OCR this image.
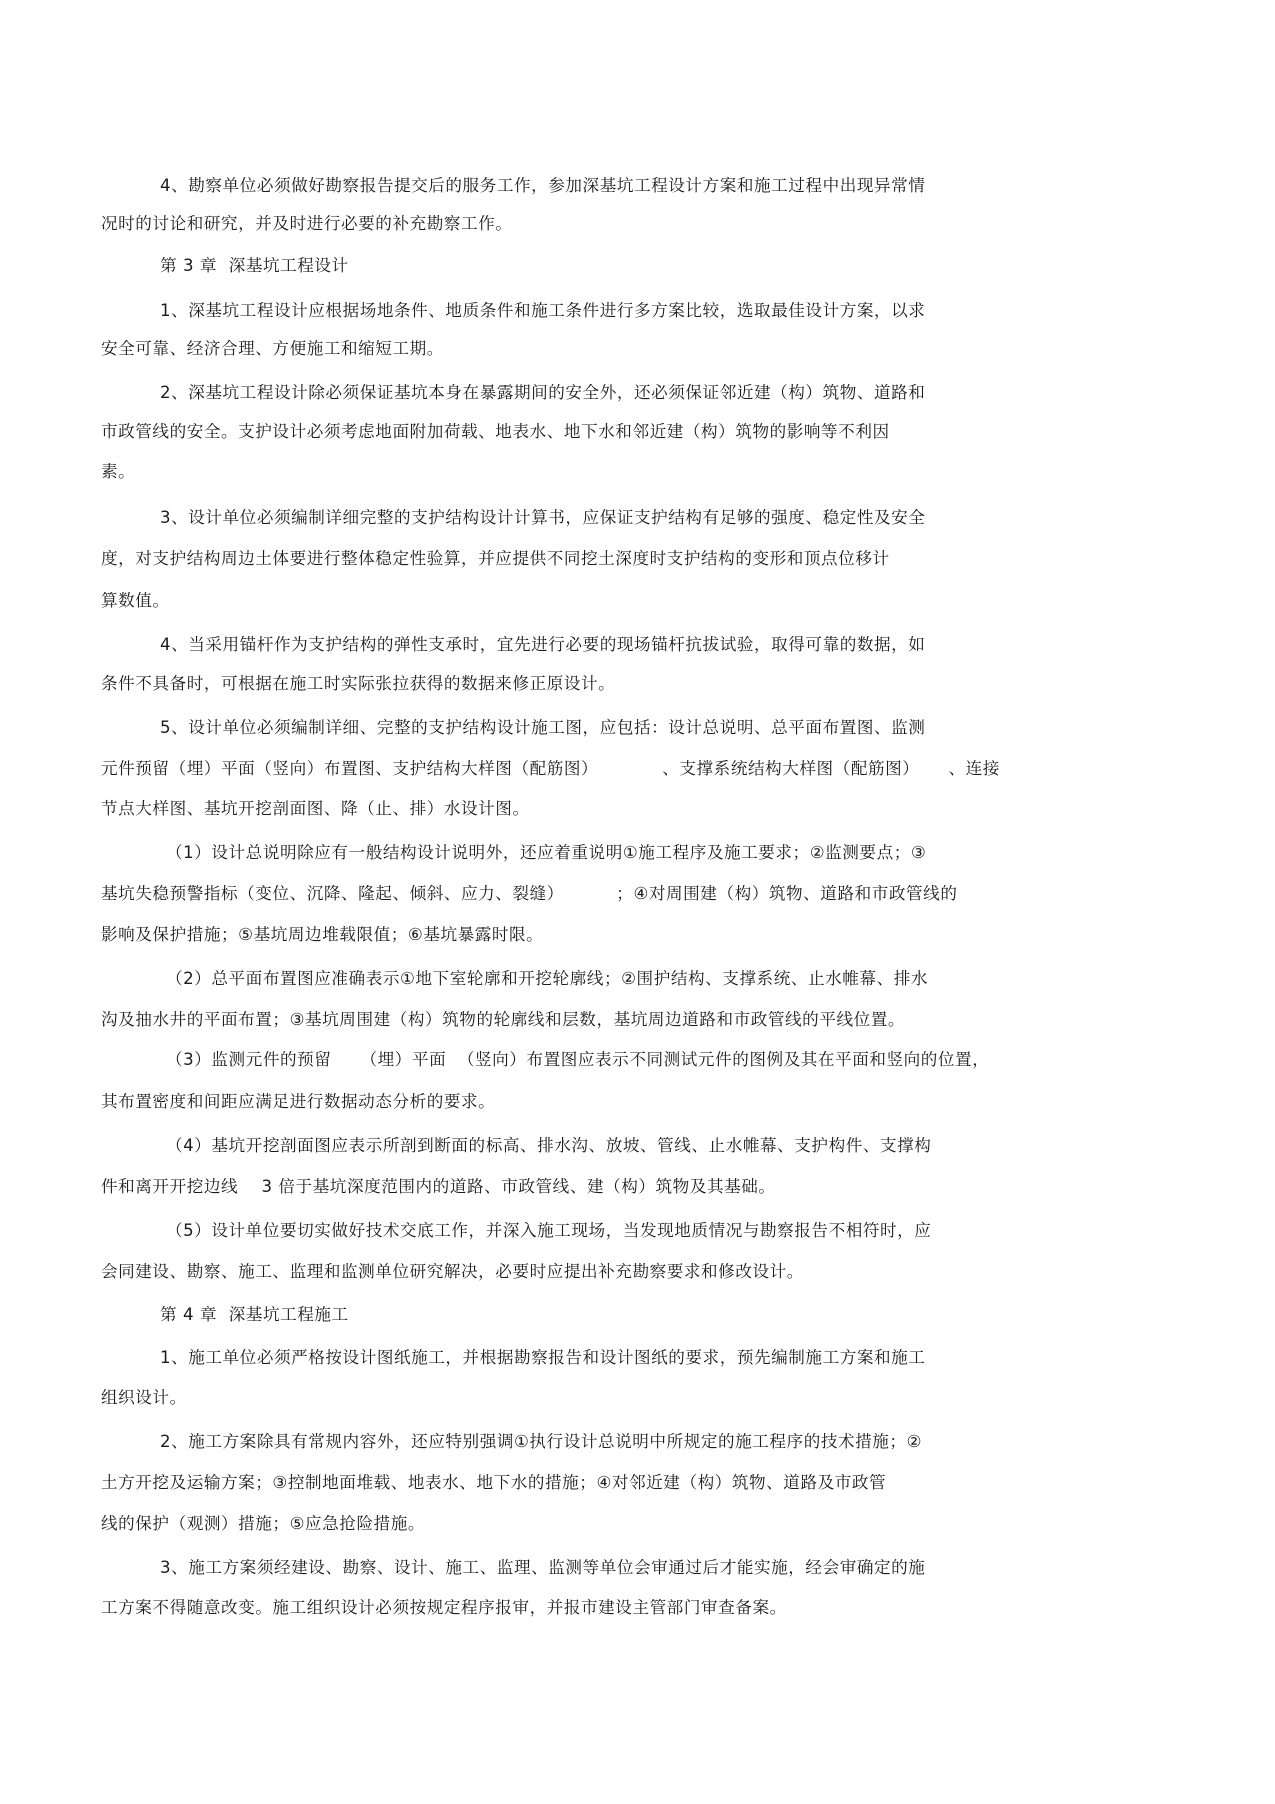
4、勘察单位必须做好勘察报告提交后的服务工作，参加深基坑工程设计方案和施工过程中出现异常情
况时的讨论和研究，并及时进行必要的补充勘察工作。
第 3 章  深基坑工程设计
1、深基坑工程设计应根据场地条件、地质条件和施工条件进行多方案比较，选取最佳设计方案，以求
安全可靠、经济合理、方便施工和缩短工期。
2、深基坑工程设计除必须保证基坑本身在暴露期间的安全外，还必须保证邻近建（构）筑物、道路和
市政管线的安全。支护设计必须考虑地面附加荷载、地表水、地下水和邻近建（构）筑物的影响等不利因
素。
3、设计单位必须编制详细完整的支护结构设计计算书，应保证支护结构有足够的强度、稳定性及安全
度，对支护结构周边土体要进行整体稳定性验算，并应提供不同挖土深度时支护结构的变形和顶点位移计
算数值。
4、当采用锚杆作为支护结构的弹性支承时，宜先进行必要的现场锚杆抗拔试验，取得可靠的数据，如
条件不具备时，可根据在施工时实际张拉获得的数据来修正原设计。
5、设计单位必须编制详细、完整的支护结构设计施工图，应包括：设计总说明、总平面布置图、监测
元件预留（埋）平面（竖向）布置图、支护结构大样图（配筋图）           、支撑系统结构大样图（配筋图）     、连接
节点大样图、基坑开挖剖面图、降（止、排）水设计图。
（1）设计总说明除应有一般结构设计说明外，还应着重说明①施工程序及施工要求；②监测要点；③
基坑失稳预警指标（变位、沉降、隆起、倾斜、应力、裂缝）         ；④对周围建（构）筑物、道路和市政管线的
影响及保护措施；⑤基坑周边堆载限值；⑥基坑暴露时限。
（2）总平面布置图应准确表示①地下室轮廓和开挖轮廓线；②围护结构、支撑系统、止水帷幕、排水
沟及抽水井的平面布置；③基坑周围建（构）筑物的轮廓线和层数，基坑周边道路和市政管线的平线位置。
（3）监测元件的预留     （埋）平面  （竖向）布置图应表示不同测试元件的图例及其在平面和竖向的位置，
其布置密度和间距应满足进行数据动态分析的要求。
（4）基坑开挖剖面图应表示所剖到断面的标高、排水沟、放坡、管线、止水帷幕、支护构件、支撑构
件和离开开挖边线    3 倍于基坑深度范围内的道路、市政管线、建（构）筑物及其基础。
（5）设计单位要切实做好技术交底工作，并深入施工现场，当发现地质情况与勘察报告不相符时，应
会同建设、勘察、施工、监理和监测单位研究解决，必要时应提出补充勘察要求和修改设计。
第 4 章  深基坑工程施工
1、施工单位必须严格按设计图纸施工，并根据勘察报告和设计图纸的要求，预先编制施工方案和施工
组织设计。
2、施工方案除具有常规内容外，还应特别强调①执行设计总说明中所规定的施工程序的技术措施；②
土方开挖及运输方案；③控制地面堆载、地表水、地下水的措施；④对邻近建（构）筑物、道路及市政管
线的保护（观测）措施；⑤应急抢险措施。
3、施工方案须经建设、勘察、设计、施工、监理、监测等单位会审通过后才能实施，经会审确定的施
工方案不得随意改变。施工组织设计必须按规定程序报审，并报市建设主管部门审查备案。
